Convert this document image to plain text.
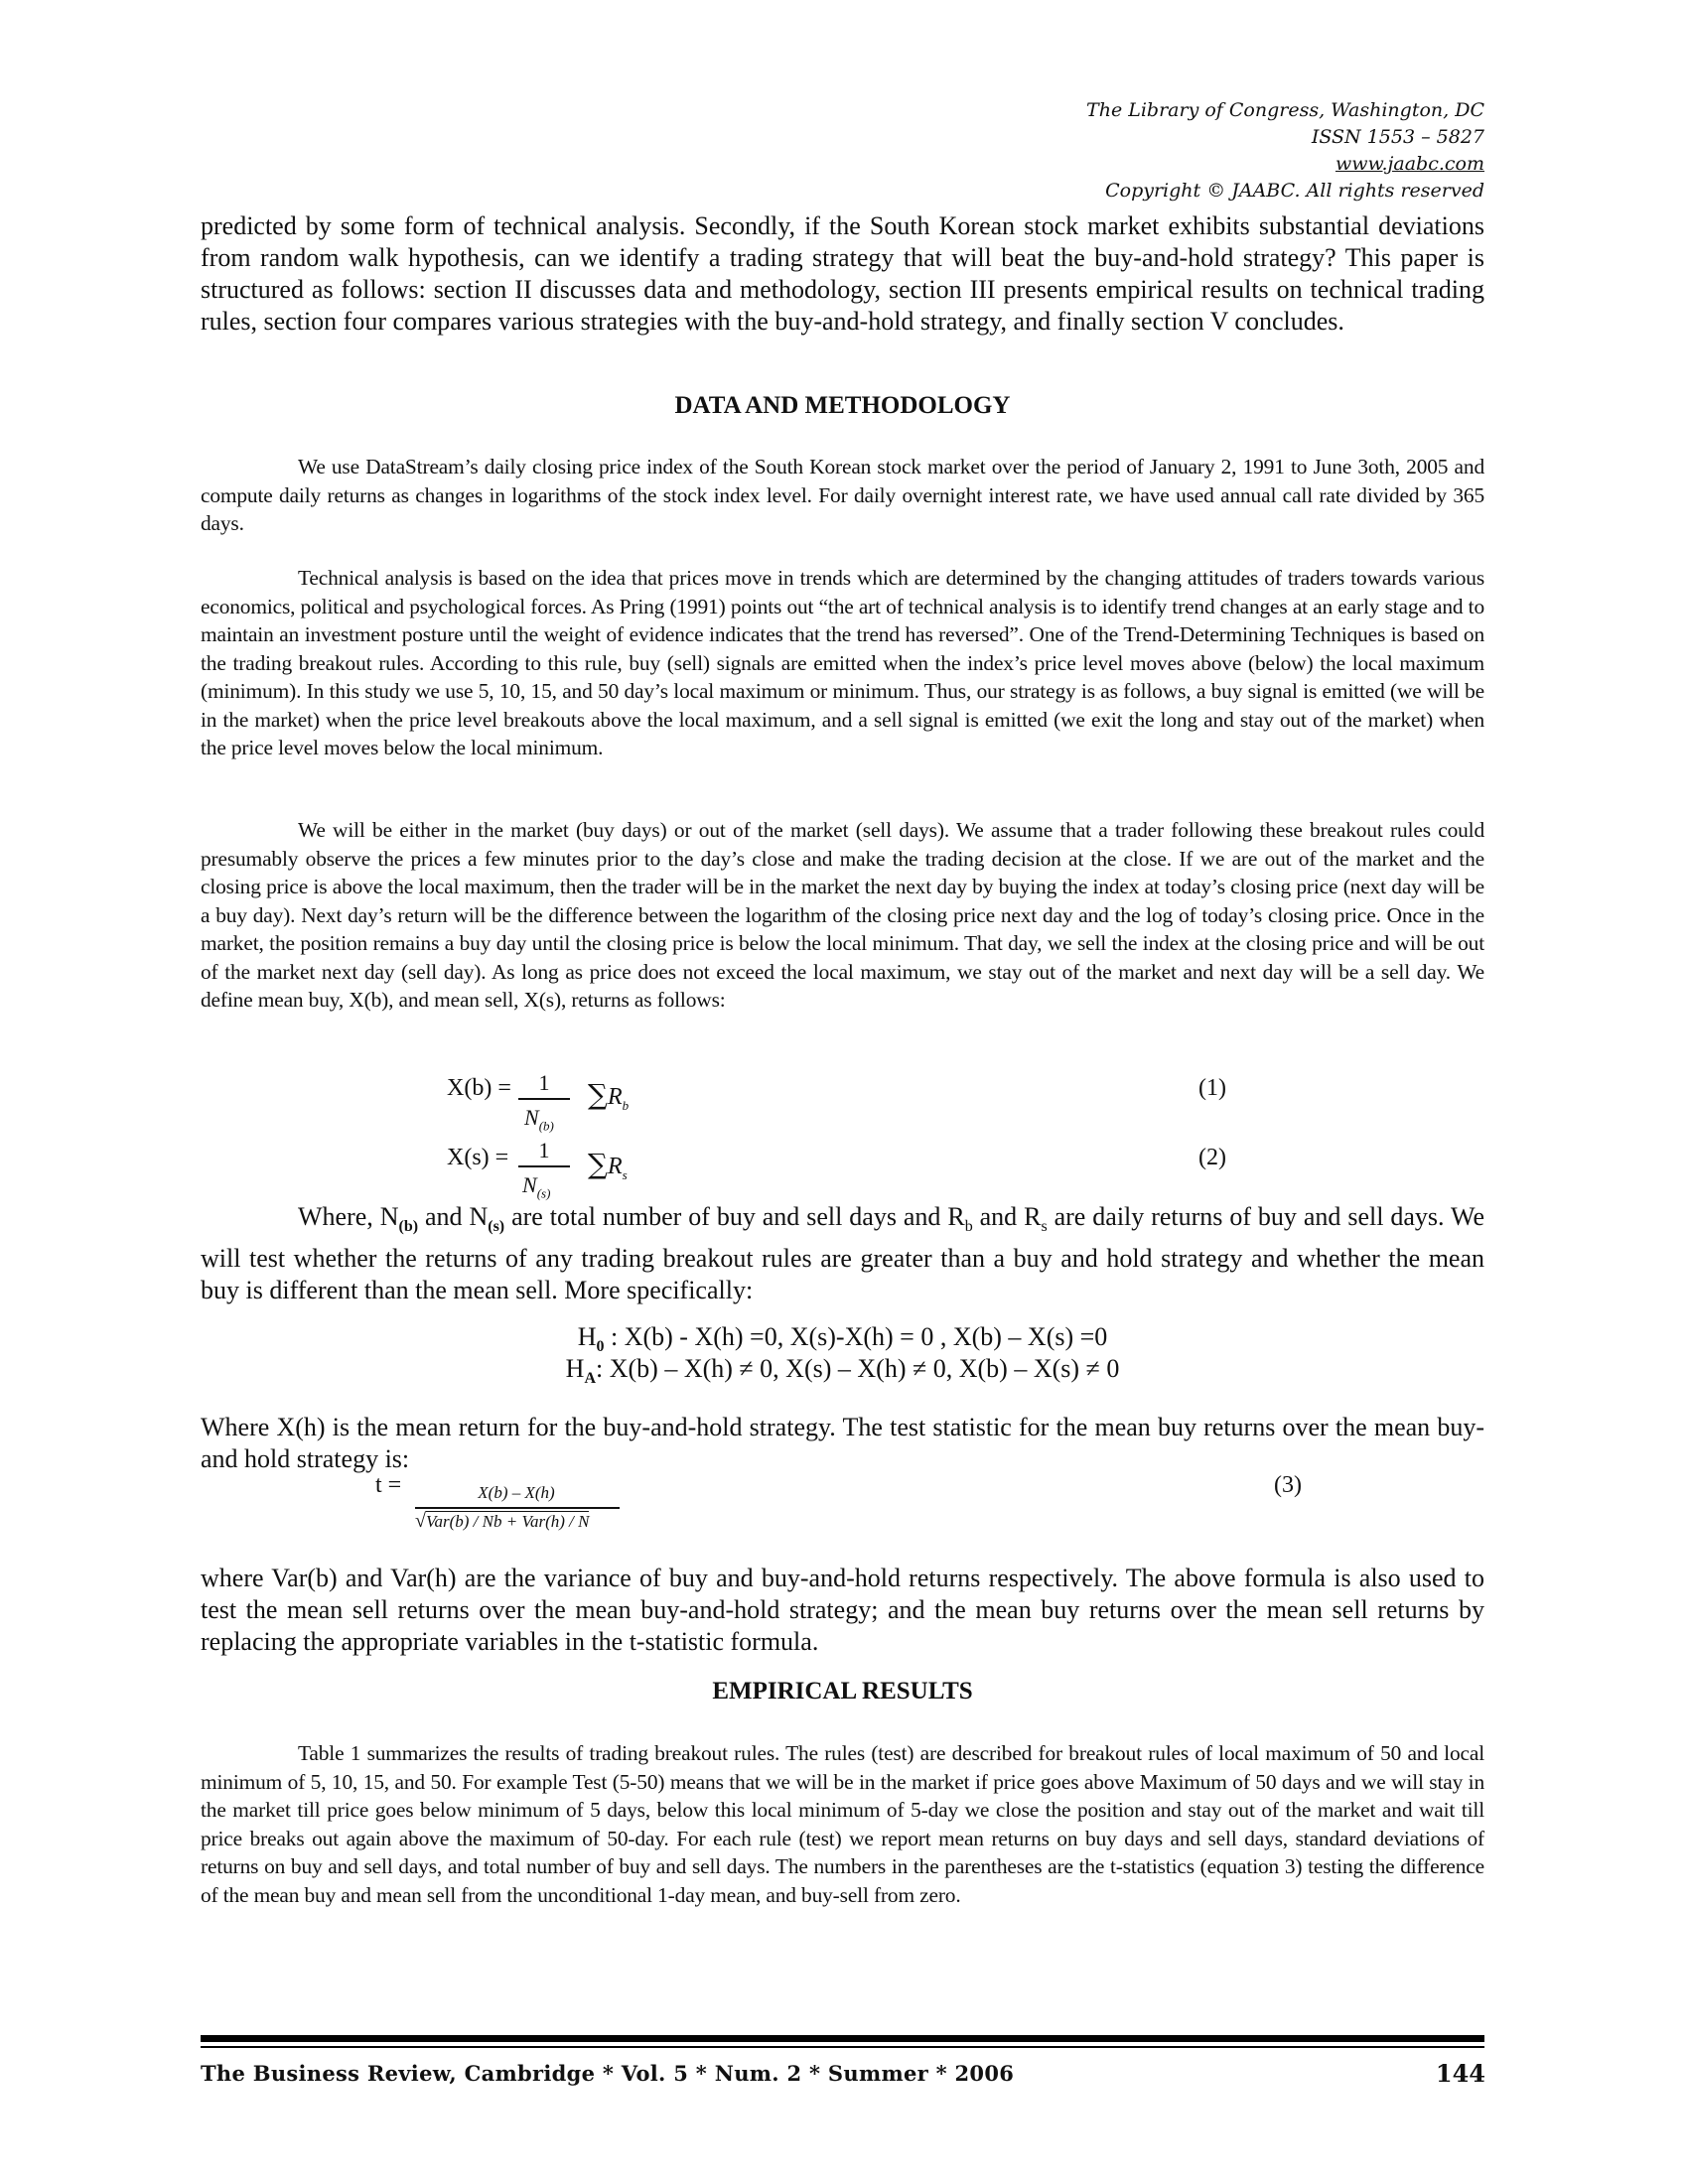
The Library of Congress, Washington, DC
ISSN 1553 – 5827
www.jaabc.com
Copyright © JAABC. All rights reserved

predicted by some form of technical analysis. Secondly, if the South Korean stock market exhibits substantial deviations from random walk hypothesis, can we identify a trading strategy that will beat the buy-and-hold strategy? This paper is structured as follows: section II discusses data and methodology, section III presents empirical results on technical trading rules, section four compares various strategies with the buy-and-hold strategy, and finally section V concludes.

DATA AND METHODOLOGY

We use DataStream’s daily closing price index of the South Korean stock market over the period of January 2, 1991 to June 3oth, 2005 and compute daily returns as changes in logarithms of the stock index level. For daily overnight interest rate, we have used annual call rate divided by 365 days.

Technical analysis is based on the idea that prices move in trends which are determined by the changing attitudes of traders towards various economics, political and psychological forces. As Pring (1991) points out “the art of technical analysis is to identify trend changes at an early stage and to maintain an investment posture until the weight of evidence indicates that the trend has reversed”. One of the Trend-Determining Techniques is based on the trading breakout rules. According to this rule, buy (sell) signals are emitted when the index’s price level moves above (below) the local maximum (minimum). In this study we use 5, 10, 15, and 50 day’s local maximum or minimum. Thus, our strategy is as follows, a buy signal is emitted (we will be in the market) when the price level breakouts above the local maximum, and a sell signal is emitted (we exit the long and stay out of the market) when the price level moves below the local minimum.

We will be either in the market (buy days) or out of the market (sell days). We assume that a trader following these breakout rules could presumably observe the prices a few minutes prior to the day’s close and make the trading decision at the close. If we are out of the market and the closing price is above the local maximum, then the trader will be in the market the next day by buying the index at today’s closing price (next day will be a buy day). Next day’s return will be the difference between the logarithm of the closing price next day and the log of today’s closing price. Once in the market, the position remains a buy day until the closing price is below the local minimum. That day, we sell the index at the closing price and will be out of the market next day (sell day). As long as price does not exceed the local maximum, we stay out of the market and next day will be a sell day. We define mean buy, X(b), and mean sell, X(s), returns as follows:

X(b) =	1
$N_{(b)}$
$\sum R_b$
(1)
X(s) =	1
$N_{(s)}$
$\sum R_s$
(2)

Where, $N_{(b)}$ and $N_{(s)}$ are total number of buy and sell days and $R_b$ and $R_s$ are daily returns of buy and sell days. We will test whether the returns of any trading breakout rules are greater than a buy and hold strategy and whether the mean buy is different than the mean sell. More specifically:

$H_0$ : X(b) - X(h) =0, X(s)-X(h) = 0 , X(b) – X(s) =0
$H_A$: X(b) – X(h) ≠ 0, X(s) – X(h) ≠ 0, X(b) – X(s) ≠ 0

Where X(h) is the mean return for the buy-and-hold strategy. The test statistic for the mean buy returns over the mean buy-and hold strategy is:

t =	X(b) – X(h)
√Var(b) / Nb + Var(h) / N
(3)

where Var(b) and Var(h) are the variance of buy and buy-and-hold returns respectively. The above formula is also used to test the mean sell returns over the mean buy-and-hold strategy; and the mean buy returns over the mean sell returns by replacing the appropriate variables in the t-statistic formula.

EMPIRICAL RESULTS

Table 1 summarizes the results of trading breakout rules. The rules (test) are described for breakout rules of local maximum of 50 and local minimum of 5, 10, 15, and 50. For example Test (5-50) means that we will be in the market if price goes above Maximum of 50 days and we will stay in the market till price goes below minimum of 5 days, below this local minimum of 5-day we close the position and stay out of the market and wait till price breaks out again above the maximum of 50-day. For each rule (test) we report mean returns on buy days and sell days, standard deviations of returns on buy and sell days, and total number of buy and sell days. The numbers in the parentheses are the t-statistics (equation 3) testing the difference of the mean buy and mean sell from the unconditional 1-day mean, and buy-sell from zero.

The Business Review, Cambridge * Vol. 5 * Num. 2 * Summer * 2006	144
